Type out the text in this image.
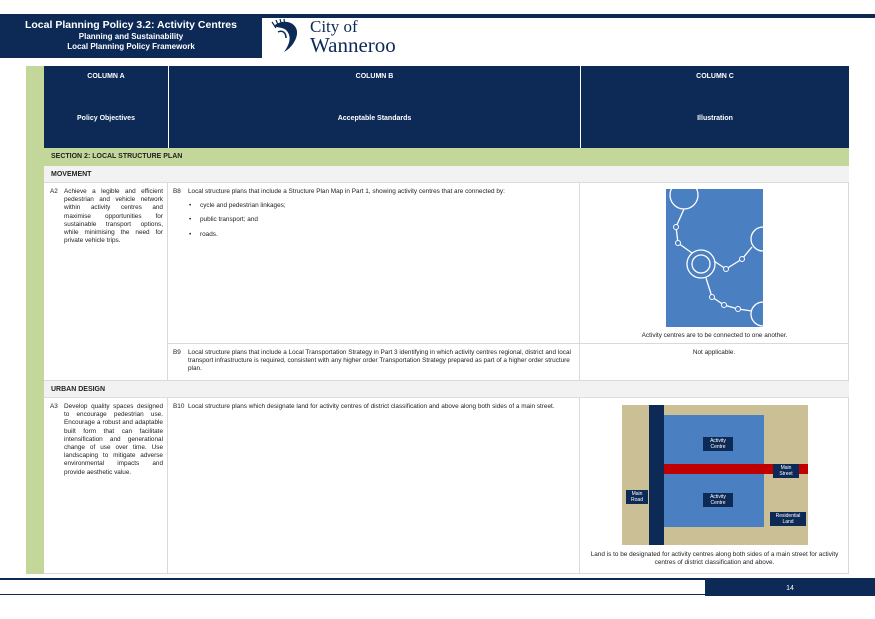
Local Planning Policy 3.2: Activity Centres
Planning and Sustainability
Local Planning Policy Framework
City of
Wanneroo
COLUMN A
Policy Objectives
COLUMN B
Acceptable Standards
COLUMN C
Illustration
SECTION 2: LOCAL STRUCTURE PLAN
MOVEMENT
A2 Achieve a legible and efficient pedestrian and vehicle network within activity centres and maximise opportunities for sustainable transport options, while minimising the need for private vehicle trips.
B8 Local structure plans that include a Structure Plan Map in Part 1, showing activity centres that are connected by:
• cycle and pedestrian linkages;
• public transport; and
• roads.
Activity centres are to be connected to one another.
B9 Local structure plans that include a Local Transportation Strategy in Part 3 identifying in which activity centres regional, district and local transport infrastructure is required, consistent with any higher order Transportation Strategy prepared as part of a higher order structure plan.
Not applicable.
URBAN DESIGN
A3 Develop quality spaces designed to encourage pedestrian use. Encourage a robust and adaptable built form that can facilitate intensification and generational change of use over time. Use landscaping to mitigate adverse environmental impacts and provide aesthetic value.
B10 Local structure plans which designate land for activity centres of district classification and above along both sides of a main street.
Activity Centre
Activity Centre
Main Street
Main Road
Residential Land
Land is to be designated for activity centres along both sides of a main street for activity centres of district classification and above.
14
